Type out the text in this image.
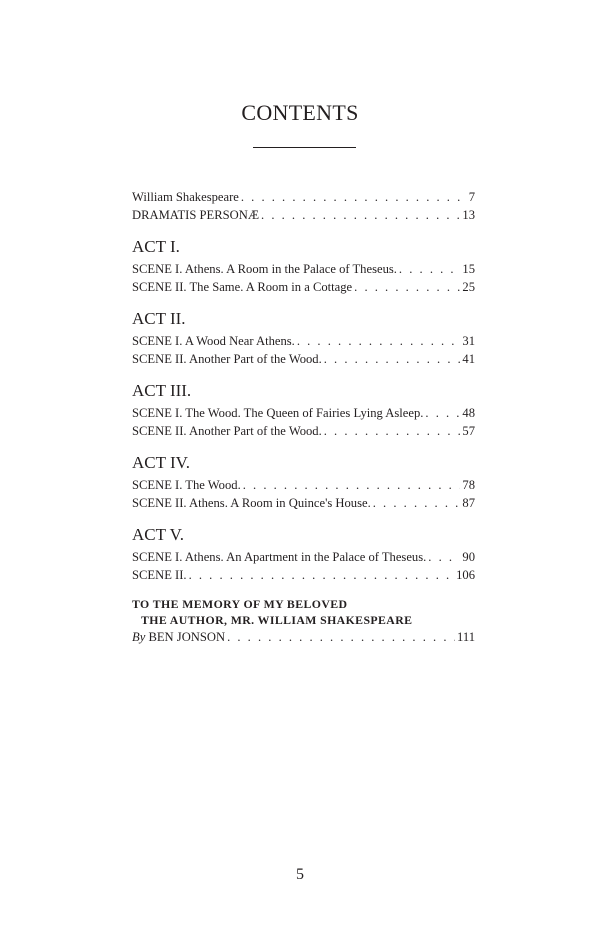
CONTENTS
William Shakespeare . . .	7
DRAMATIS PERSONÆ . . .	13
ACT I.
SCENE I. Athens. A Room in the Palace of Theseus. . . .	15
SCENE II. The Same. A Room in a Cottage . . .	25
ACT II.
SCENE I. A Wood Near Athens. . . .	31
SCENE II. Another Part of the Wood. . . .	41
ACT III.
SCENE I. The Wood. The Queen of Fairies Lying Asleep. . . .	48
SCENE II. Another Part of the Wood. . . .	57
ACT IV.
SCENE I. The Wood. . . .	78
SCENE II. Athens. A Room in Quince's House. . . .	87
ACT V.
SCENE I. Athens. An Apartment in the Palace of Theseus. . . .	90
SCENE II. . . .	106
TO THE MEMORY OF MY BELOVED
THE AUTHOR, MR. WILLIAM SHAKESPEARE
By BEN JONSON . . .	111
5
